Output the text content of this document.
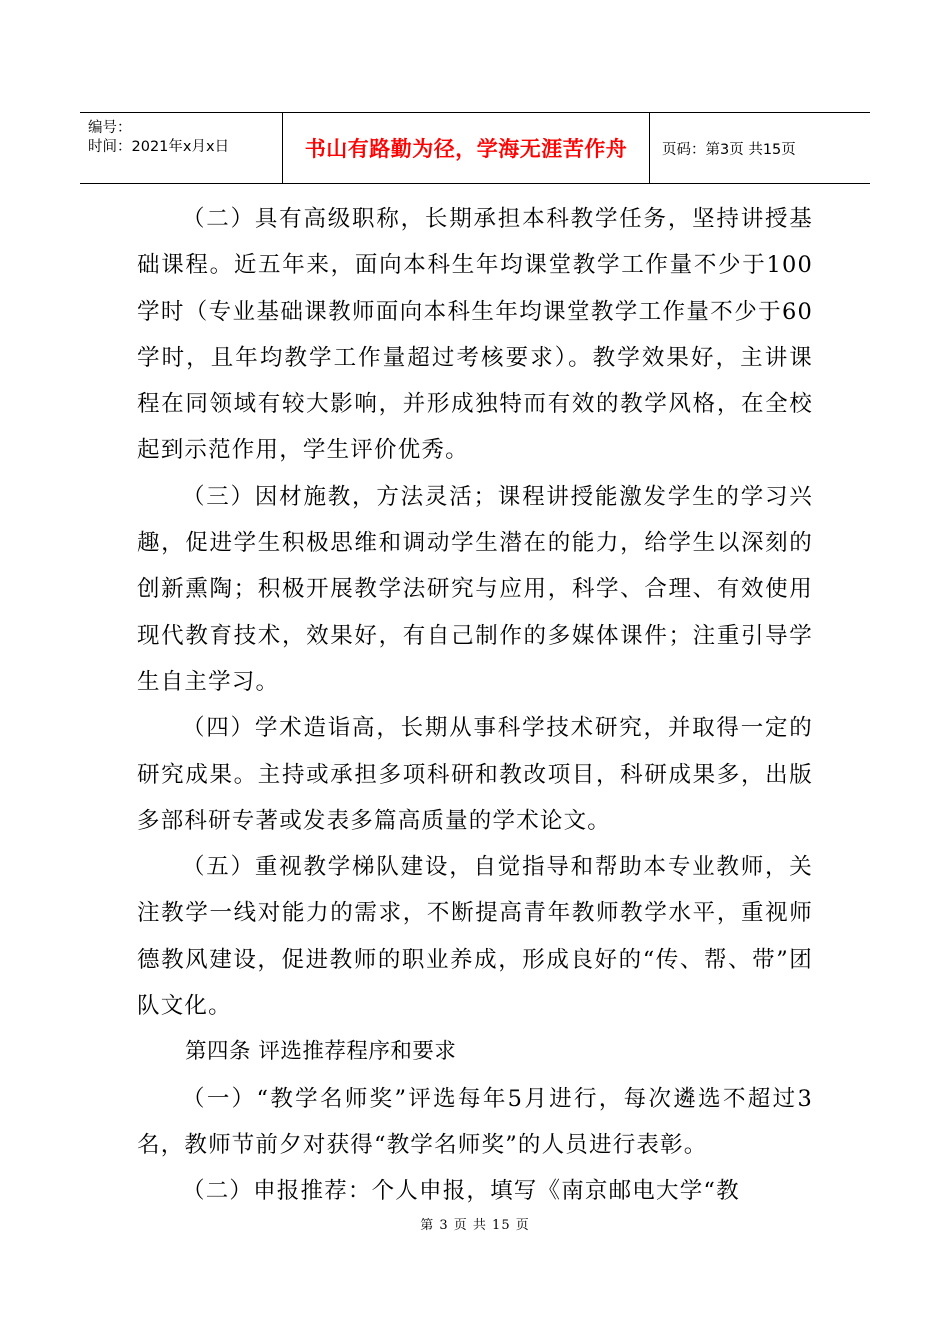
编号：
时间：2021年x月x日	书山有路勤为径，学海无涯苦作舟	页码：第3页 共15页

（二）具有高级职称，长期承担本科教学任务，坚持讲授基础课程。近五年来，面向本科生年均课堂教学工作量不少于100学时（专业基础课教师面向本科生年均课堂教学工作量不少于60学时，且年均教学工作量超过考核要求）。教学效果好，主讲课程在同领域有较大影响，并形成独特而有效的教学风格，在全校起到示范作用，学生评价优秀。

（三）因材施教，方法灵活；课程讲授能激发学生的学习兴趣，促进学生积极思维和调动学生潜在的能力，给学生以深刻的创新熏陶；积极开展教学法研究与应用，科学、合理、有效使用现代教育技术，效果好，有自己制作的多媒体课件；注重引导学生自主学习。

（四）学术造诣高，长期从事科学技术研究，并取得一定的研究成果。主持或承担多项科研和教改项目，科研成果多，出版多部科研专著或发表多篇高质量的学术论文。

（五）重视教学梯队建设，自觉指导和帮助本专业教师，关注教学一线对能力的需求，不断提高青年教师教学水平，重视师德教风建设，促进教师的职业养成，形成良好的“传、帮、带”团队文化。

第四条 评选推荐程序和要求

（一）“教学名师奖”评选每年5月进行，每次遴选不超过3名，教师节前夕对获得“教学名师奖”的人员进行表彰。

（二）申报推荐：个人申报，填写《南京邮电大学“教

第 3 页 共 15 页
